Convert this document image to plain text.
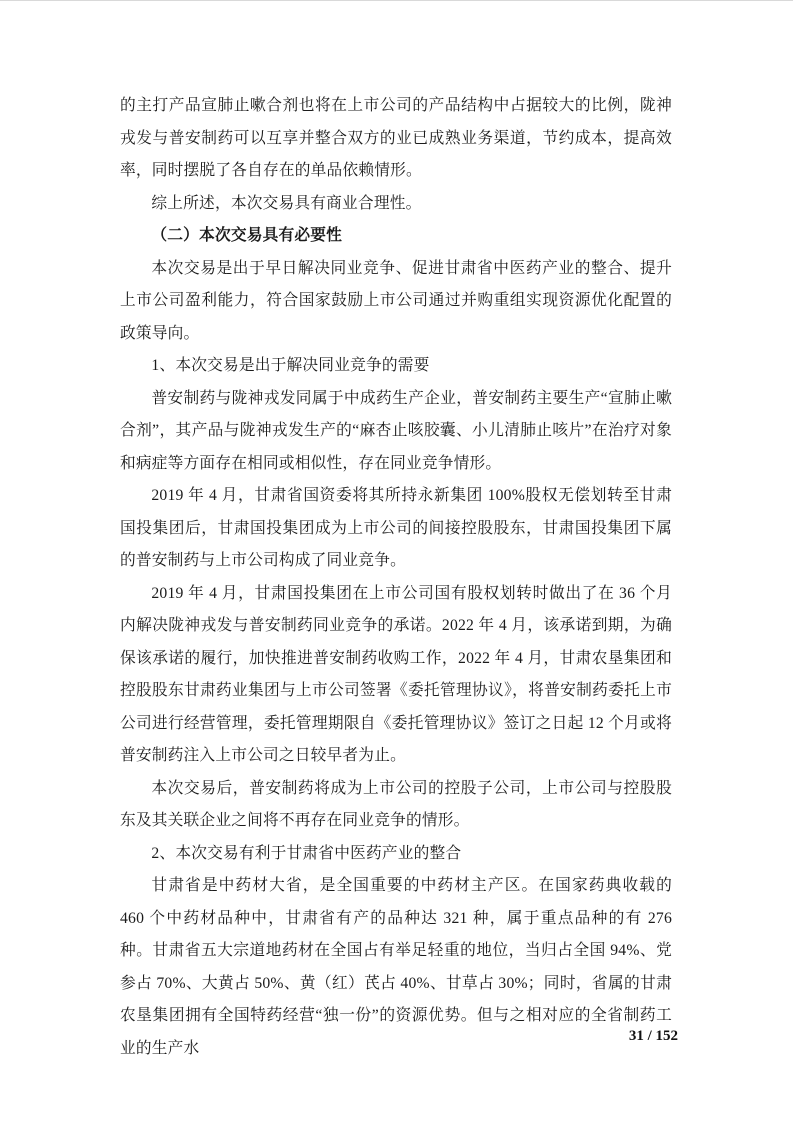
的主打产品宣肺止嗽合剂也将在上市公司的产品结构中占据较大的比例，陇神戎发与普安制药可以互享并整合双方的业已成熟业务渠道，节约成本，提高效率，同时摆脱了各自存在的单品依赖情形。

综上所述，本次交易具有商业合理性。

（二）本次交易具有必要性

本次交易是出于早日解决同业竞争、促进甘肃省中医药产业的整合、提升上市公司盈利能力，符合国家鼓励上市公司通过并购重组实现资源优化配置的政策导向。

1、本次交易是出于解决同业竞争的需要

普安制药与陇神戎发同属于中成药生产企业，普安制药主要生产“宣肺止嗽合剂”，其产品与陇神戎发生产的“麻杏止咳胶囊、小儿清肺止咳片”在治疗对象和病症等方面存在相同或相似性，存在同业竞争情形。

2019 年 4 月，甘肃省国资委将其所持永新集团 100%股权无偿划转至甘肃国投集团后，甘肃国投集团成为上市公司的间接控股股东，甘肃国投集团下属的普安制药与上市公司构成了同业竞争。

2019 年 4 月，甘肃国投集团在上市公司国有股权划转时做出了在 36 个月内解决陇神戎发与普安制药同业竞争的承诺。2022 年 4 月，该承诺到期，为确保该承诺的履行，加快推进普安制药收购工作，2022 年 4 月，甘肃农垦集团和控股股东甘肃药业集团与上市公司签署《委托管理协议》，将普安制药委托上市公司进行经营管理，委托管理期限自《委托管理协议》签订之日起 12 个月或将普安制药注入上市公司之日较早者为止。

本次交易后，普安制药将成为上市公司的控股子公司，上市公司与控股股东及其关联企业之间将不再存在同业竞争的情形。

2、本次交易有利于甘肃省中医药产业的整合

甘肃省是中药材大省，是全国重要的中药材主产区。在国家药典收载的 460 个中药材品种中，甘肃省有产的品种达 321 种，属于重点品种的有 276 种。甘肃省五大宗道地药材在全国占有举足轻重的地位，当归占全国 94%、党参占 70%、大黄占 50%、黄（红）芪占 40%、甘草占 30%；同时，省属的甘肃农垦集团拥有全国特药经营“独一份”的资源优势。但与之相对应的全省制药工业的生产水

31 / 152
